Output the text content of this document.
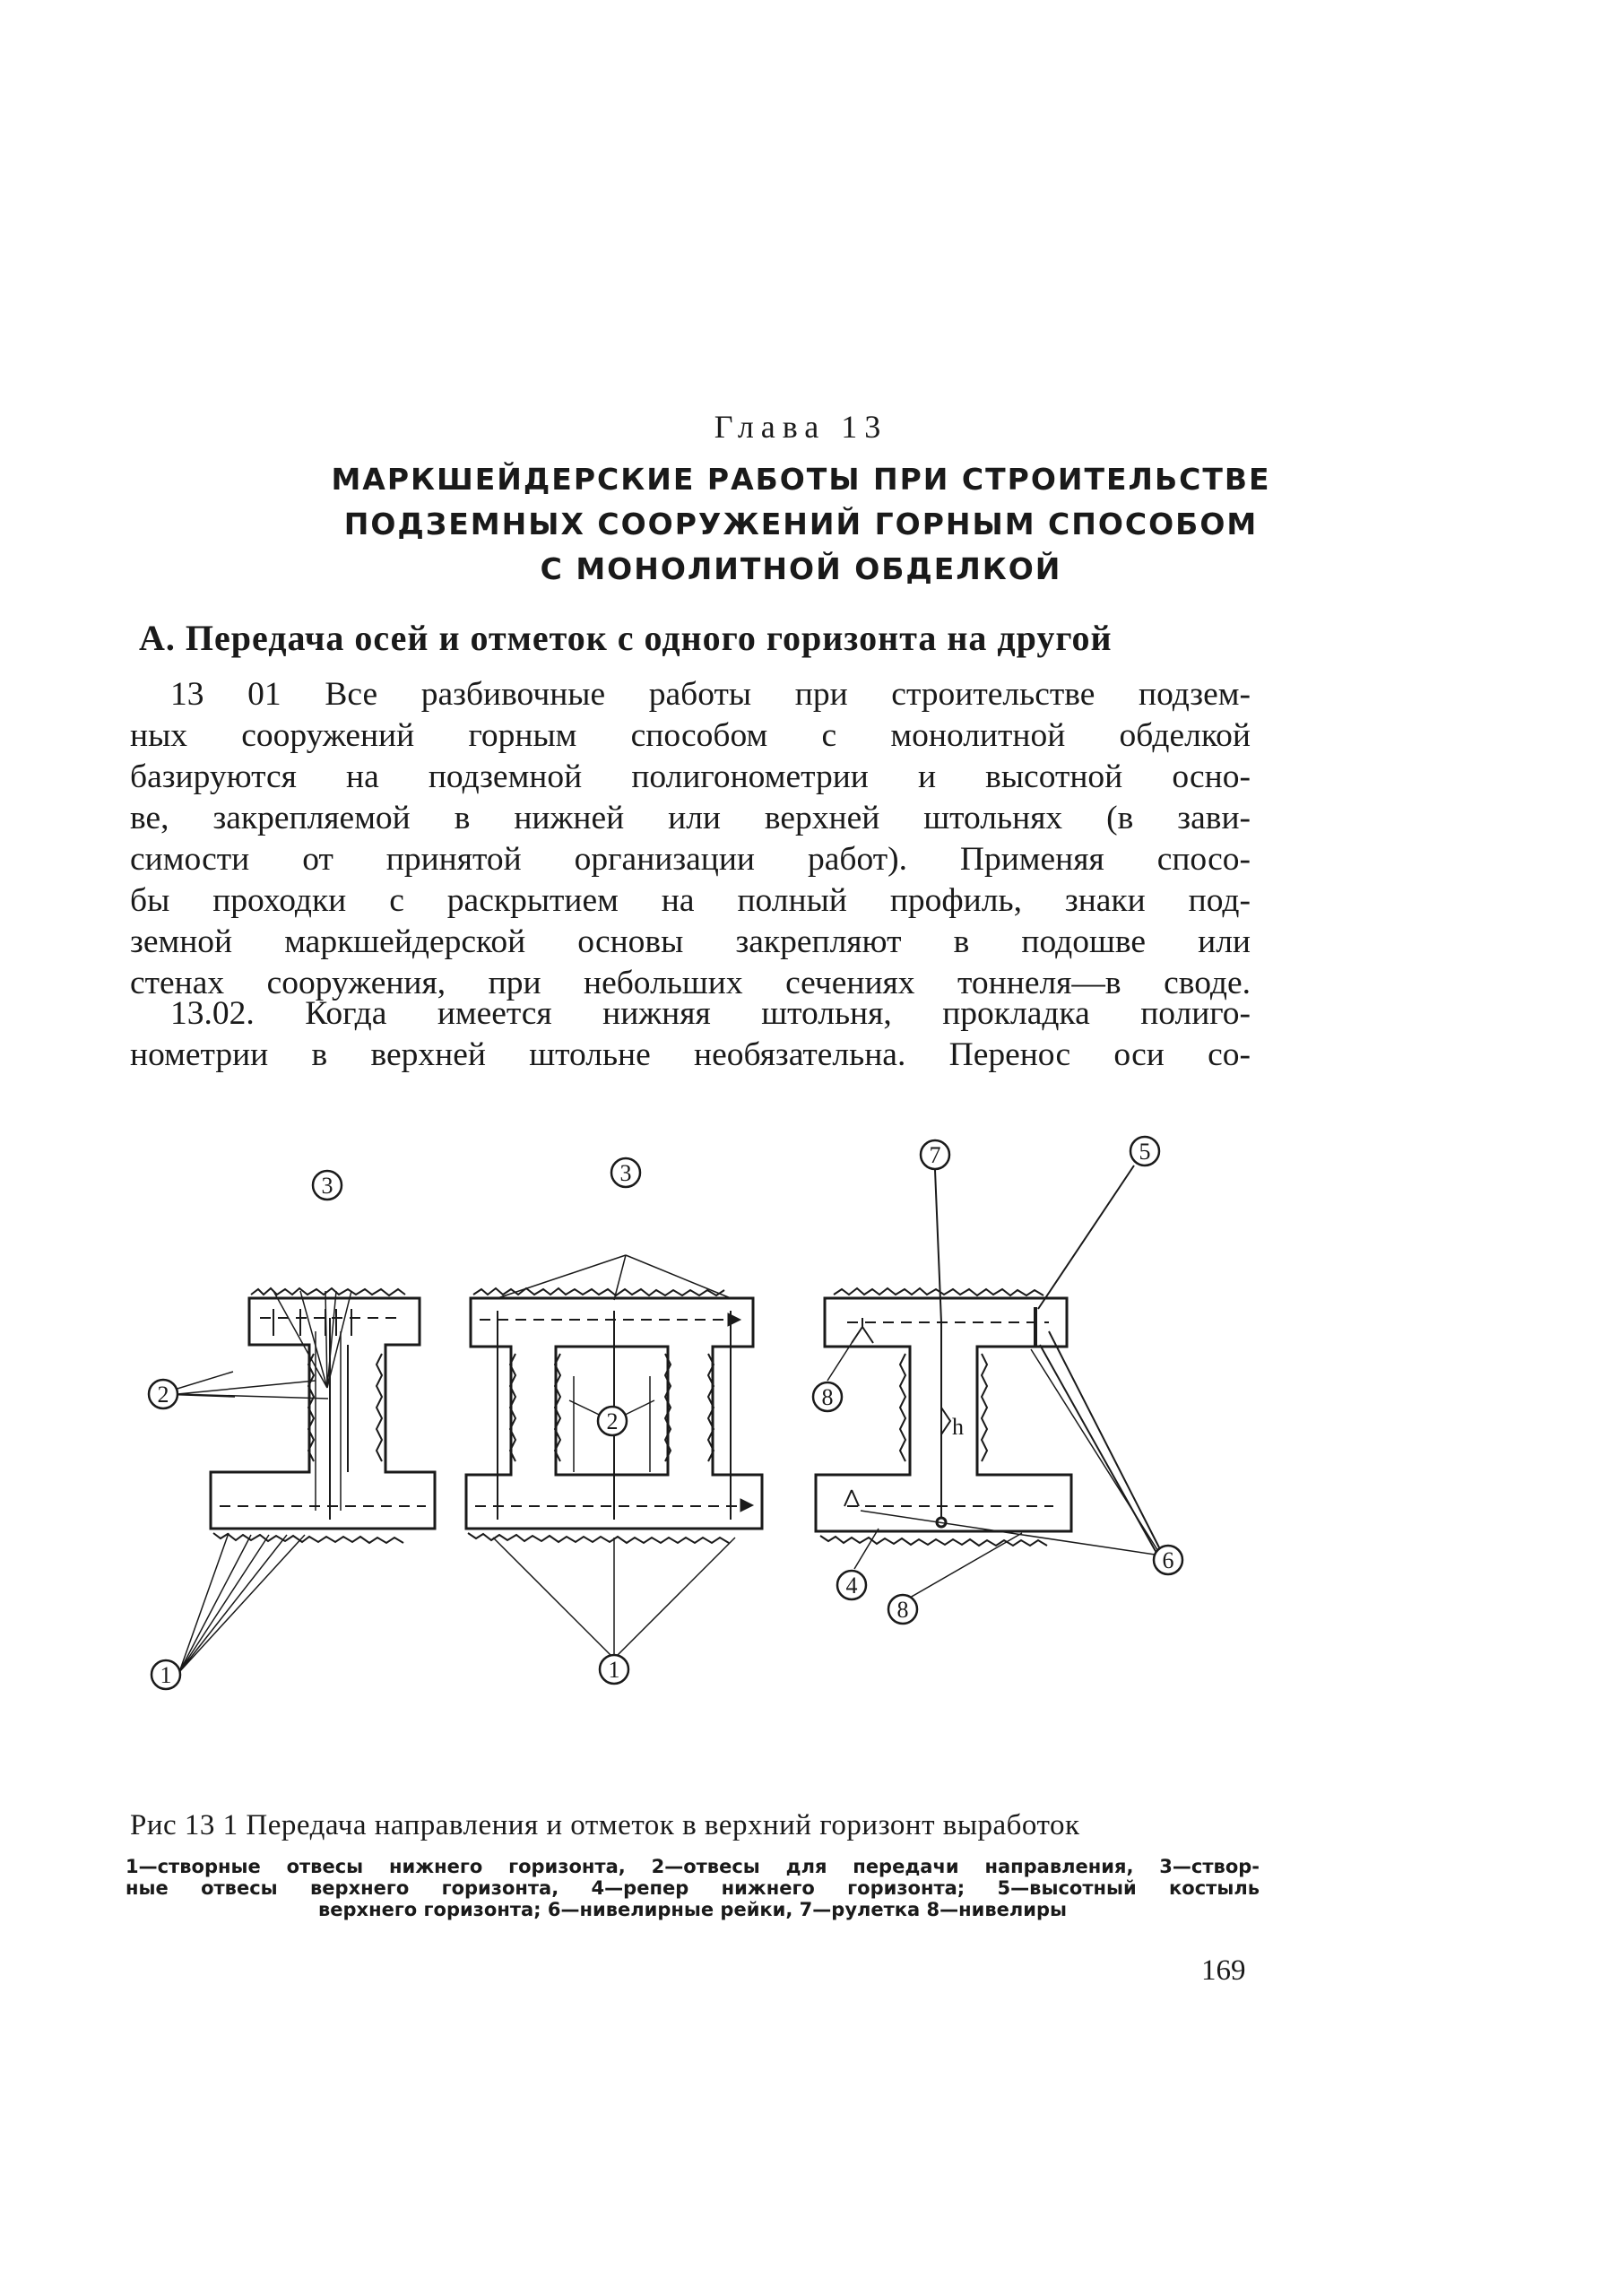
Глава 13
МАРКШЕЙДЕРСКИЕ РАБОТЫ ПРИ СТРОИТЕЛЬСТВЕ
ПОДЗЕМНЫХ СООРУЖЕНИЙ ГОРНЫМ СПОСОБОМ
С МОНОЛИТНОЙ ОБДЕЛКОЙ
А. Передача осей и отметок с одного горизонта на другой
13 01 Все разбивочные работы при строительстве подзем-
ных сооружений горным способом с монолитной обделкой
базируются на подземной полигонометрии и высотной осно-
ве, закрепляемой в нижней или верхней штольнях (в зави-
симости от принятой организации работ). Применяя спосо-
бы проходки с раскрытием на полный профиль, знаки под-
земной маркшейдерской основы закрепляют в подошве или
стенах сооружения, при небольших сечениях тоннеля—в своде.
13.02. Когда имеется нижняя штольня, прокладка полиго-
нометрии в верхней штольне необязательна. Перенос оси со-
h
3
2
1
3
2
1
7	5
8
4
6
8
Рис 13 1 Передача направления и отметок в верхний горизонт выработок
1—створные отвесы нижнего горизонта, 2—отвесы для передачи направления, 3—створ-
ные отвесы верхнего горизонта, 4—репер нижнего горизонта; 5—высотный костыль
верхнего горизонта; 6—нивелирные рейки, 7—рулетка 8—нивелиры
169
